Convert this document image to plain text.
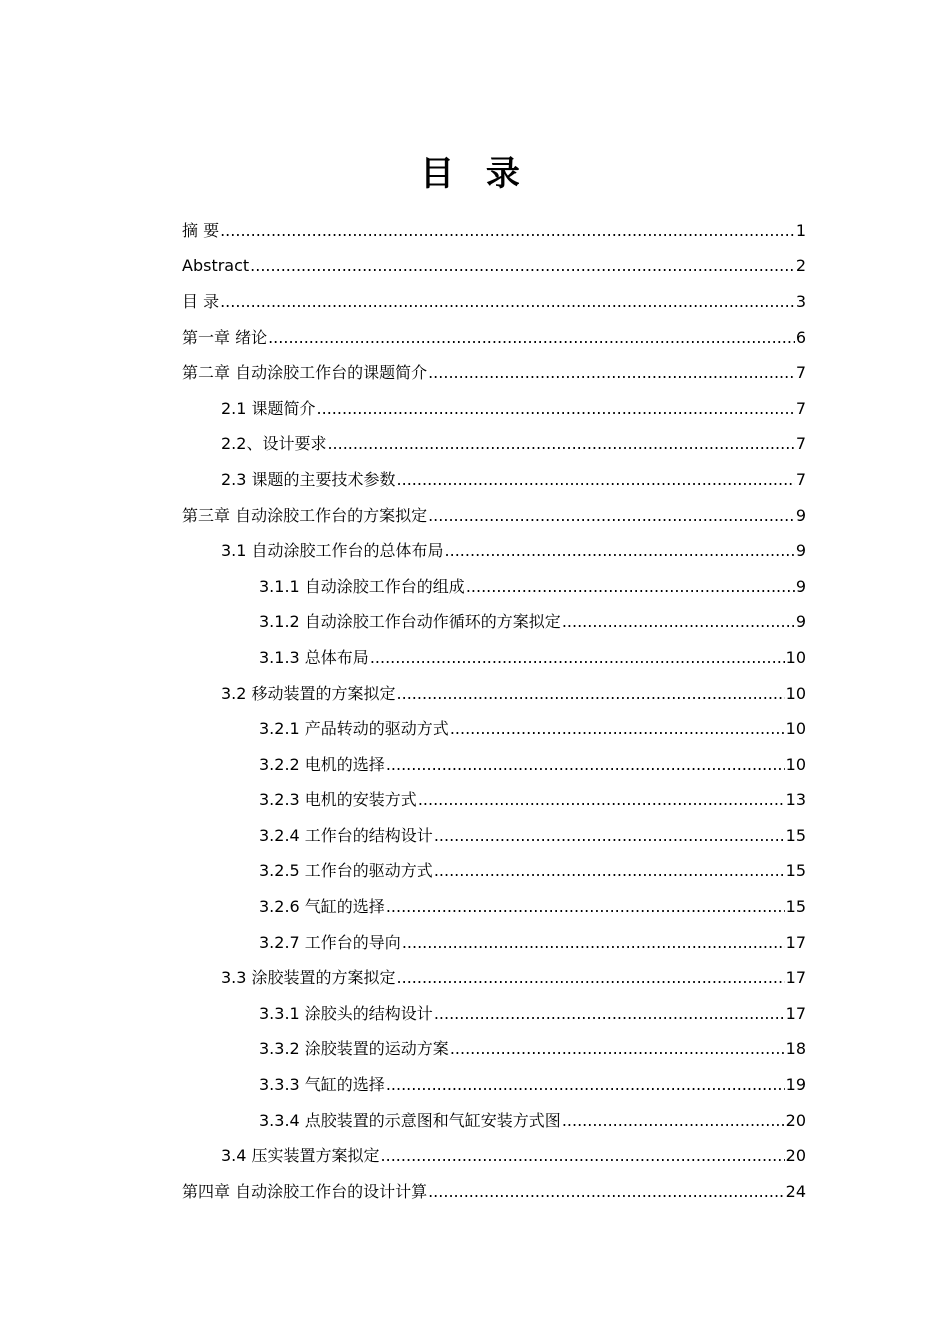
目 录
摘 要 .....	1
Abstract .....	2
目 录 .....	3
第一章 绪论 .....	6
第二章 自动涂胶工作台的课题简介 .....	7
2.1 课题简介 .....	7
2.2、设计要求 .....	7
2.3 课题的主要技术参数 .....	7
第三章 自动涂胶工作台的方案拟定 .....	9
3.1 自动涂胶工作台的总体布局 .....	9
3.1.1 自动涂胶工作台的组成 .....	9
3.1.2 自动涂胶工作台动作循环的方案拟定 .....	9
3.1.3 总体布局 .....	10
3.2 移动装置的方案拟定 .....	10
3.2.1 产品转动的驱动方式 .....	10
3.2.2 电机的选择 .....	10
3.2.3 电机的安装方式 .....	13
3.2.4 工作台的结构设计 .....	15
3.2.5 工作台的驱动方式 .....	15
3.2.6 气缸的选择 .....	15
3.2.7 工作台的导向 .....	17
3.3 涂胶装置的方案拟定 .....	17
3.3.1 涂胶头的结构设计 .....	17
3.3.2 涂胶装置的运动方案 .....	18
3.3.3 气缸的选择 .....	19
3.3.4 点胶装置的示意图和气缸安装方式图 .....	20
3.4 压实装置方案拟定 .....	20
第四章 自动涂胶工作台的设计计算 .....	24
